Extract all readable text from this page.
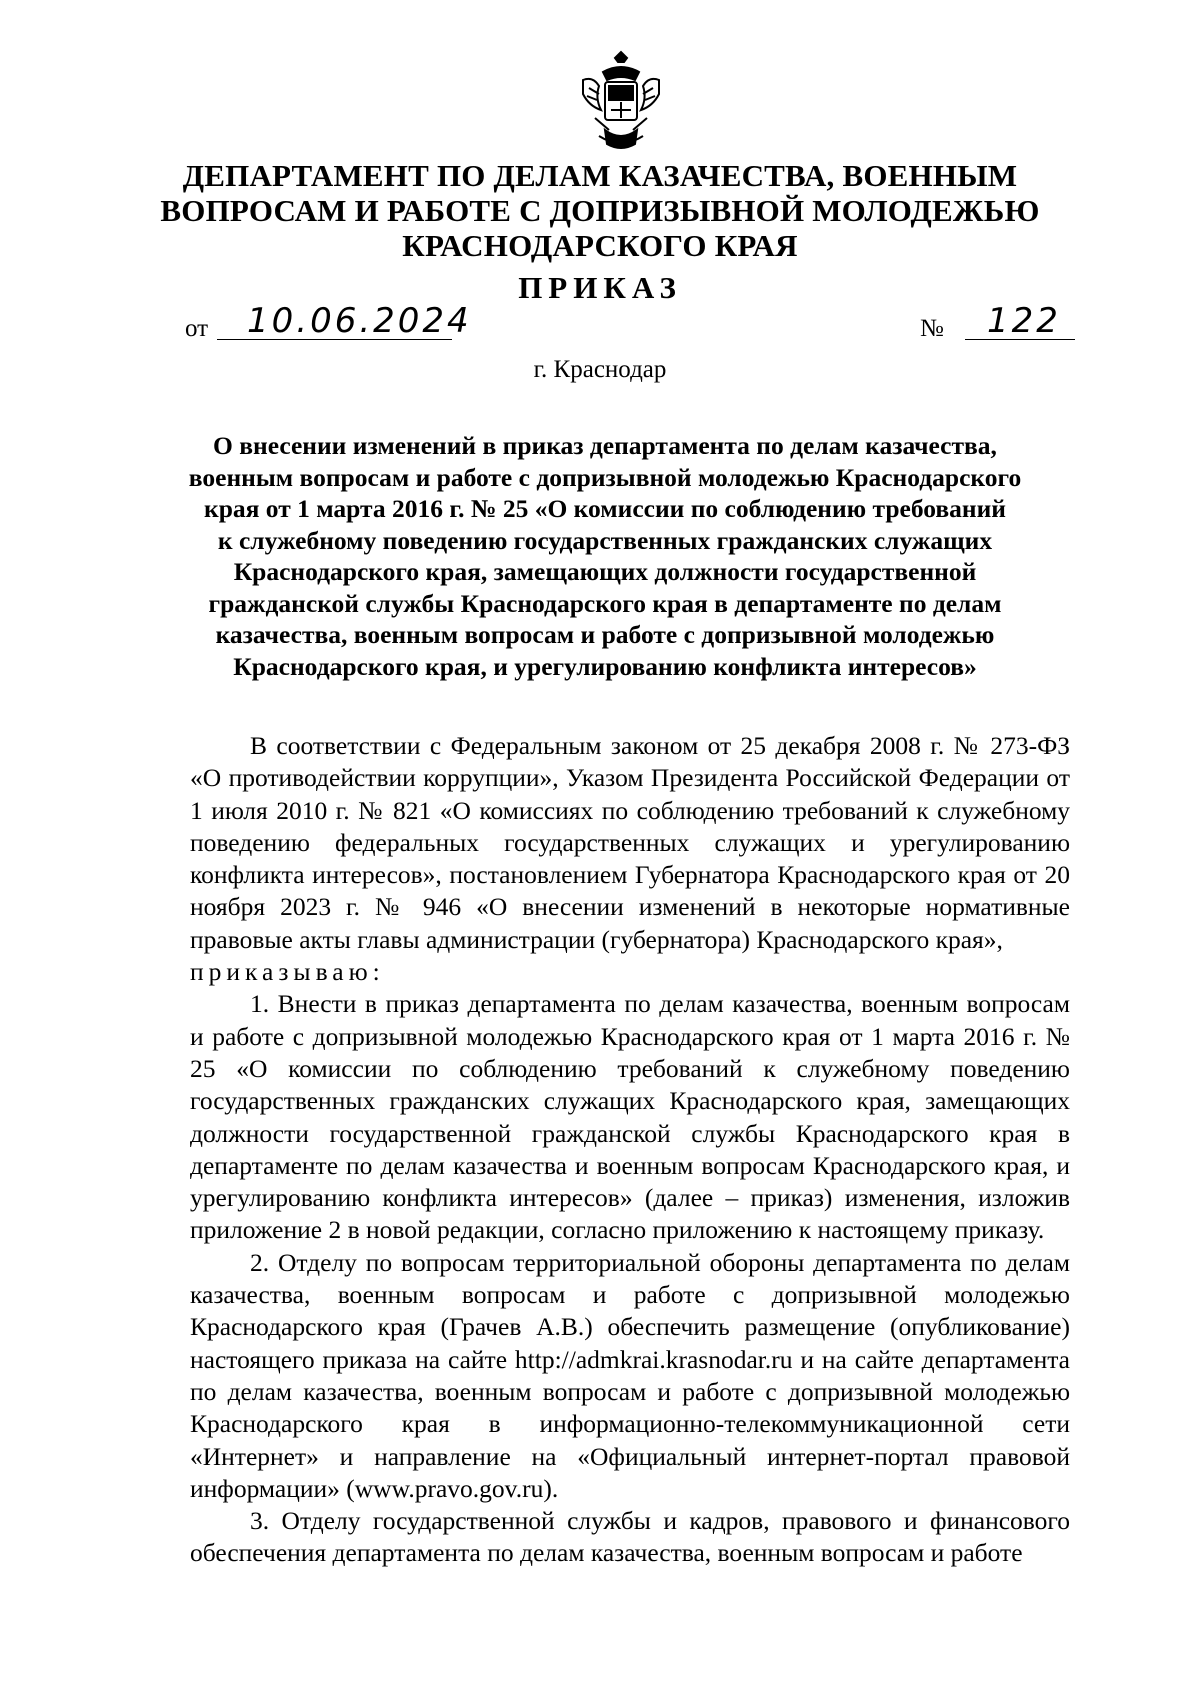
ДЕПАРТАМЕНТ ПО ДЕЛАМ КАЗАЧЕСТВА, ВОЕННЫМ
ВОПРОСАМ И РАБОТЕ С ДОПРИЗЫВНОЙ МОЛОДЕЖЬЮ
КРАСНОДАРСКОГО КРАЯ
ПРИКАЗ
от 10.06.2024	№ 122
г. Краснодар
О внесении изменений в приказ департамента по делам казачества,
военным вопросам и работе с допризывной молодежью Краснодарского
края от 1 марта 2016 г. № 25 «О комиссии по соблюдению требований
к служебному поведению государственных гражданских служащих
Краснодарского края, замещающих должности государственной
гражданской службы Краснодарского края в департаменте по делам
казачества, военным вопросам и работе с допризывной молодежью
Краснодарского края, и урегулированию конфликта интересов»

В соответствии с Федеральным законом от 25 декабря 2008 г. № 273-ФЗ «О противодействии коррупции», Указом Президента Российской Федерации от 1 июля 2010 г. № 821 «О комиссиях по соблюдению требований к служебному поведению федеральных государственных служащих и урегулированию конфликта интересов», постановлением Губернатора Краснодарского края от 20 ноября 2023 г. № 946 «О внесении изменений в некоторые нормативные правовые акты главы администрации (губернатора) Краснодарского края»,

приказываю:

1. Внести в приказ департамента по делам казачества, военным вопросам и работе с допризывной молодежью Краснодарского края от 1 марта 2016 г. № 25 «О комиссии по соблюдению требований к служебному поведению государственных гражданских служащих Краснодарского края, замещающих должности государственной гражданской службы Краснодарского края в департаменте по делам казачества и военным вопросам Краснодарского края, и урегулированию конфликта интересов» (далее – приказ) изменения, изложив приложение 2 в новой редакции, согласно приложению к настоящему приказу.

2. Отделу по вопросам территориальной обороны департамента по делам казачества, военным вопросам и работе с допризывной молодежью Краснодарского края (Грачев А.В.) обеспечить размещение (опубликование) настоящего приказа на сайте http://admkrai.krasnodar.ru и на сайте департамента по делам казачества, военным вопросам и работе с допризывной молодежью Краснодарского края в информационно-телекоммуникационной сети «Интернет» и направление на «Официальный интернет-портал правовой информации» (www.pravo.gov.ru).

3. Отделу государственной службы и кадров, правового и финансового обеспечения департамента по делам казачества, военным вопросам и работе
